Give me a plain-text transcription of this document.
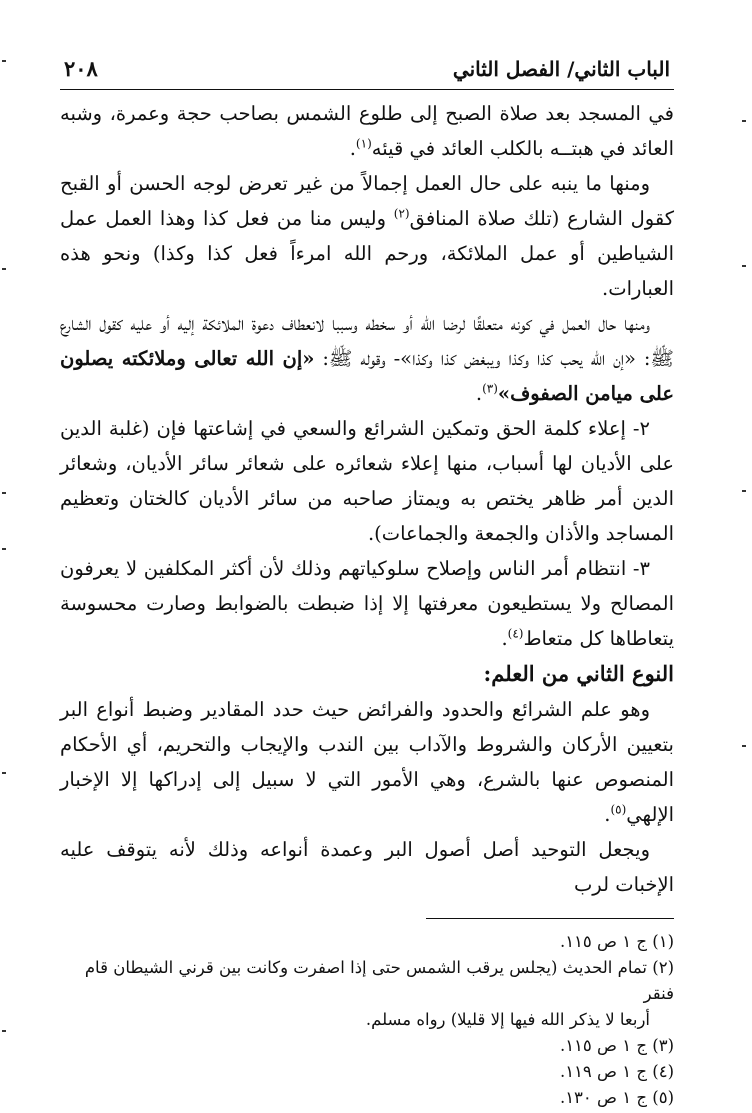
الباب الثاني/ الفصل الثاني
٢٠٨

في المسجد بعد صلاة الصبح إلى طلوع الشمس بصاحب حجة وعمرة، وشبه العائد في هبتــه بالكلب العائد في قيئه$^{(١)}$.

ومنها ما ينبه على حال العمل إجمالاً من غير تعرض لوجه الحسن أو القبح كقول الشارع (تلك صلاة المنافق$^{(٢)}$ وليس منا من فعل كذا وهذا العمل عمل الشياطين أو عمل الملائكة، ورحم الله امرءاً فعل كذا وكذا) ونحو هذه العبارات.

ومنها حال العمل في كونه متعلقًا لرضا الله أو سخطه وسببا لانعطاف دعوة الملائكة إليه أو عليه كقول الشارع ﷺ: «إن الله يحب كذا وكذا ويبغض كذا وكذا»- وقوله ﷺ: «إن الله تعالى وملائكته يصلون على ميامن الصفوف»$^{(٣)}$.

٢- إعلاء كلمة الحق وتمكين الشرائع والسعي في إشاعتها فإن (غلبة الدين على الأديان لها أسباب، منها إعلاء شعائره على شعائر سائر الأديان، وشعائر الدين أمر ظاهر يختص به ويمتاز صاحبه من سائر الأديان كالختان وتعظيم المساجد والأذان والجمعة والجماعات).

٣- انتظام أمر الناس وإصلاح سلوكياتهم وذلك لأن أكثر المكلفين لا يعرفون المصالح ولا يستطيعون معرفتها إلا إذا ضبطت بالضوابط وصارت محسوسة يتعاطاها كل متعاط$^{(٤)}$.

النوع الثاني من العلم:

وهو علم الشرائع والحدود والفرائض حيث حدد المقادير وضبط أنواع البر بتعيين الأركان والشروط والآداب بين الندب والإيجاب والتحريم، أي الأحكام المنصوص عنها بالشرع، وهي الأمور التي لا سبيل إلى إدراكها إلا الإخبار الإلهي$^{(٥)}$.

ويجعل التوحيد أصل أصول البر وعمدة أنواعه وذلك لأنه يتوقف عليه الإخبات لرب

(١) ج ١ ص ١١٥.

(٢) تمام الحديث (يجلس يرقب الشمس حتى إذا اصفرت وكانت بين قرني الشيطان قام فنقر

أربعا لا يذكر الله فيها إلا قليلا) رواه مسلم.

(٣) ج ١ ص ١١٥.

(٤) ج ١ ص ١١٩.

(٥) ج ١ ص ١٣٠.
